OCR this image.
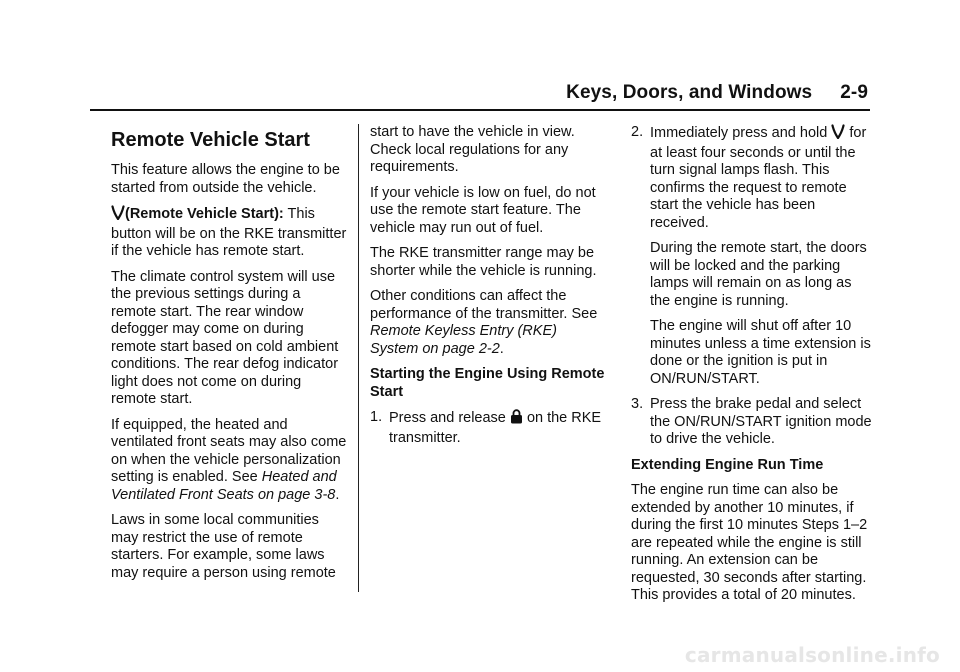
Keys, Doors, and Windows 2-9
Remote Vehicle Start

This feature allows the engine to be started from outside the vehicle.

(Remote Vehicle Start): This button will be on the RKE transmitter if the vehicle has remote start.

The climate control system will use the previous settings during a remote start. The rear window defogger may come on during remote start based on cold ambient conditions. The rear defog indicator light does not come on during remote start.

If equipped, the heated and ventilated front seats may also come on when the vehicle personalization setting is enabled. See Heated and Ventilated Front Seats on page 3-8.

Laws in some local communities may restrict the use of remote starters. For example, some laws may require a person using remote

start to have the vehicle in view. Check local regulations for any requirements.

If your vehicle is low on fuel, do not use the remote start feature. The vehicle may run out of fuel.

The RKE transmitter range may be shorter while the vehicle is running.

Other conditions can affect the performance of the transmitter. See Remote Keyless Entry (RKE) System on page 2-2.

Starting the Engine Using Remote Start

1. Press and release on the RKE transmitter.
2. Immediately press and hold for at least four seconds or until the turn signal lamps flash. This confirms the request to remote start the vehicle has been received.

During the remote start, the doors will be locked and the parking lamps will remain on as long as the engine is running.

The engine will shut off after 10 minutes unless a time extension is done or the ignition is put in ON/RUN/START.

3. Press the brake pedal and select the ON/RUN/START ignition mode to drive the vehicle.

Extending Engine Run Time

The engine run time can also be extended by another 10 minutes, if during the first 10 minutes Steps 1–2 are repeated while the engine is still running. An extension can be requested, 30 seconds after starting. This provides a total of 20 minutes.

carmanualsonline.info
